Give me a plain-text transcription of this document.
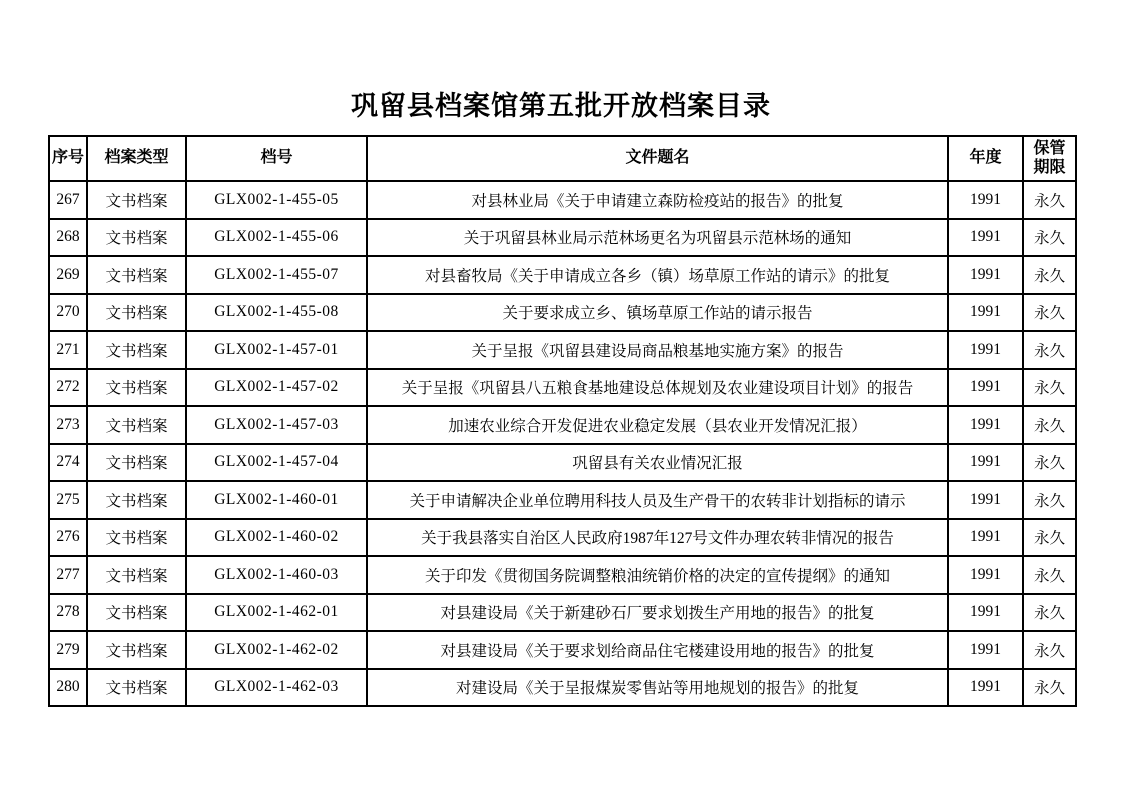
巩留县档案馆第五批开放档案目录
序号	档案类型	档号	文件题名	年度	保管期限
267	文书档案	GLX002-1-455-05	对县林业局《关于申请建立森防检疫站的报告》的批复	1991	永久
268	文书档案	GLX002-1-455-06	关于巩留县林业局示范林场更名为巩留县示范林场的通知	1991	永久
269	文书档案	GLX002-1-455-07	对县畜牧局《关于申请成立各乡（镇）场草原工作站的请示》的批复	1991	永久
270	文书档案	GLX002-1-455-08	关于要求成立乡、镇场草原工作站的请示报告	1991	永久
271	文书档案	GLX002-1-457-01	关于呈报《巩留县建设局商品粮基地实施方案》的报告	1991	永久
272	文书档案	GLX002-1-457-02	关于呈报《巩留县八五粮食基地建设总体规划及农业建设项目计划》的报告	1991	永久
273	文书档案	GLX002-1-457-03	加速农业综合开发促进农业稳定发展（县农业开发情况汇报）	1991	永久
274	文书档案	GLX002-1-457-04	巩留县有关农业情况汇报	1991	永久
275	文书档案	GLX002-1-460-01	关于申请解决企业单位聘用科技人员及生产骨干的农转非计划指标的请示	1991	永久
276	文书档案	GLX002-1-460-02	关于我县落实自治区人民政府1987年127号文件办理农转非情况的报告	1991	永久
277	文书档案	GLX002-1-460-03	关于印发《贯彻国务院调整粮油统销价格的决定的宣传提纲》的通知	1991	永久
278	文书档案	GLX002-1-462-01	对县建设局《关于新建砂石厂要求划拨生产用地的报告》的批复	1991	永久
279	文书档案	GLX002-1-462-02	对县建设局《关于要求划给商品住宅楼建设用地的报告》的批复	1991	永久
280	文书档案	GLX002-1-462-03	对建设局《关于呈报煤炭零售站等用地规划的报告》的批复	1991	永久
